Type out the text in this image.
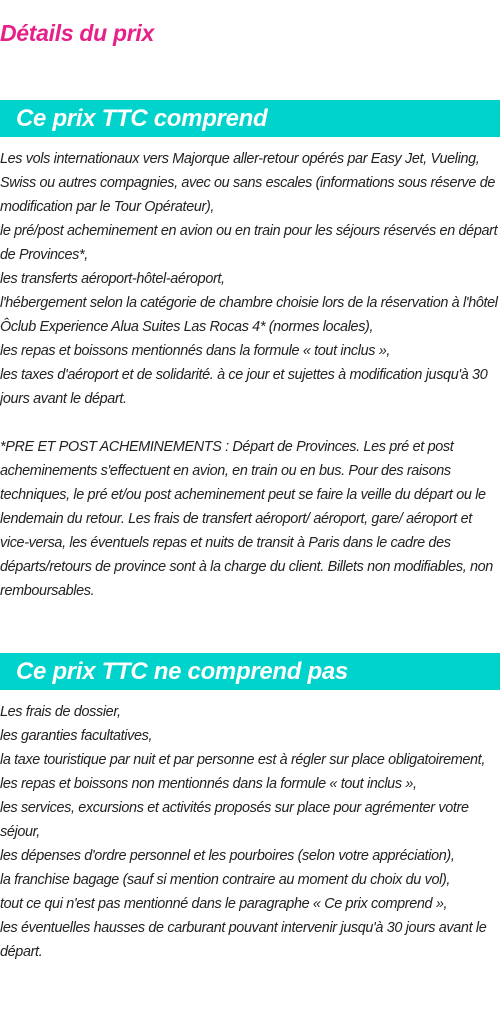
Détails du prix
Ce prix TTC comprend

Les vols internationaux vers Majorque aller-retour opérés par Easy Jet, Vueling, Swiss ou autres compagnies, avec ou sans escales (informations sous réserve de modification par le Tour Opérateur),

le pré/post acheminement en avion ou en train pour les séjours réservés en départ de Provinces*,

les transferts aéroport-hôtel-aéroport,

l'hébergement selon la catégorie de chambre choisie lors de la réservation à l'hôtel Ôclub Experience Alua Suites Las Rocas 4* (normes locales),

les repas et boissons mentionnés dans la formule « tout inclus »,

les taxes d'aéroport et de solidarité. à ce jour et sujettes à modification jusqu'à 30 jours avant le départ.

*PRE ET POST ACHEMINEMENTS : Départ de Provinces. Les pré et post acheminements s'effectuent en avion, en train ou en bus. Pour des raisons techniques, le pré et/ou post acheminement peut se faire la veille du départ ou le lendemain du retour. Les frais de transfert aéroport/ aéroport, gare/ aéroport et vice-versa, les éventuels repas et nuits de transit à Paris dans le cadre des départs/retours de province sont à la charge du client. Billets non modifiables, non remboursables.

Ce prix TTC ne comprend pas

Les frais de dossier,

les garanties facultatives,

la taxe touristique par nuit et par personne est à régler sur place obligatoirement,

les repas et boissons non mentionnés dans la formule « tout inclus »,

les services, excursions et activités proposés sur place pour agrémenter votre séjour,

les dépenses d'ordre personnel et les pourboires (selon votre appréciation),

la franchise bagage (sauf si mention contraire au moment du choix du vol),

tout ce qui n'est pas mentionné dans le paragraphe « Ce prix comprend »,

les éventuelles hausses de carburant pouvant intervenir jusqu'à 30 jours avant le départ.
